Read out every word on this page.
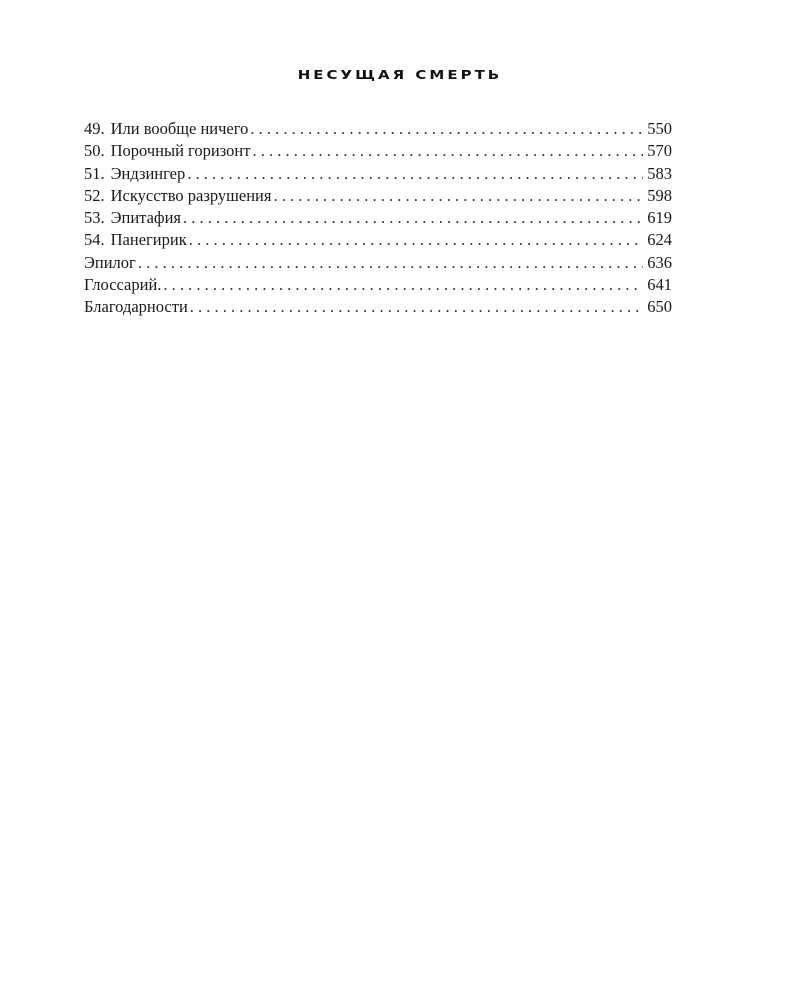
НЕСУЩАЯ СМЕРТЬ
49. Или вообще ничего . . .	550
50. Порочный горизонт . . .	570
51. Эндзингер . . .	583
52. Искусство разрушения . . .	598
53. Эпитафия . . .	619
54. Панегирик . . .	624
Эпилог . . .	636
Глоссарий. . . .	641
Благодарности . . .	650
